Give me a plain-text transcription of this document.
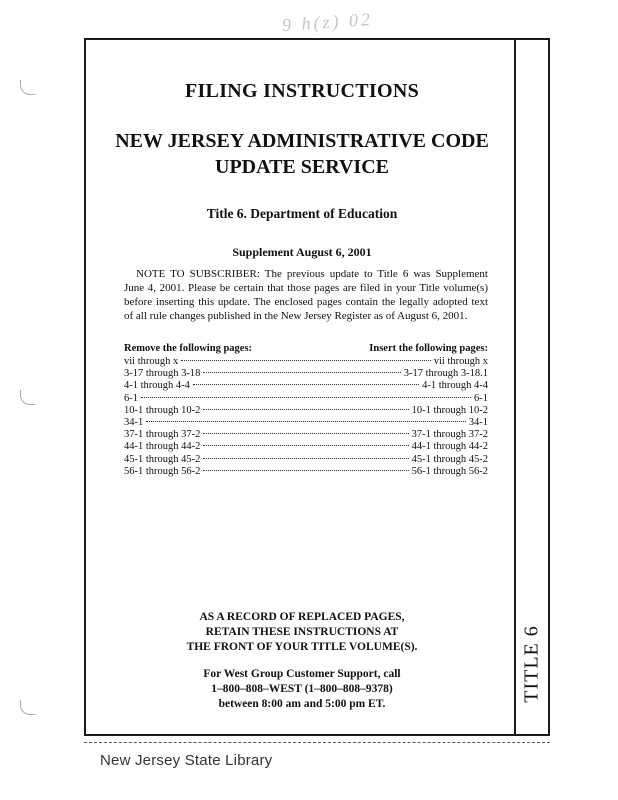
9 h(z) 02
TITLE 6
FILING INSTRUCTIONS
NEW JERSEY ADMINISTRATIVE CODE
UPDATE SERVICE
Title 6. Department of Education
Supplement August 6, 2001
NOTE TO SUBSCRIBER: The previous update to Title 6 was Supplement June 4, 2001. Please be certain that those pages are filed in your Title volume(s) before inserting this update. The enclosed pages contain the legally adopted text of all rule changes published in the New Jersey Register as of August 6, 2001.
Remove the following pages:	Insert the following pages:
vii through x	vii through x
3-17 through 3-18	3-17 through 3-18.1
4-1 through 4-4	4-1 through 4-4
6-1	6-1
10-1 through 10-2	10-1 through 10-2
34-1	34-1
37-1 through 37-2	37-1 through 37-2
44-1 through 44-2	44-1 through 44-2
45-1 through 45-2	45-1 through 45-2
56-1 through 56-2	56-1 through 56-2
AS A RECORD OF REPLACED PAGES,
RETAIN THESE INSTRUCTIONS AT
THE FRONT OF YOUR TITLE VOLUME(S).
For West Group Customer Support, call
1–800–808–WEST (1–800–808–9378)
between 8:00 am and 5:00 pm ET.
New Jersey State Library
